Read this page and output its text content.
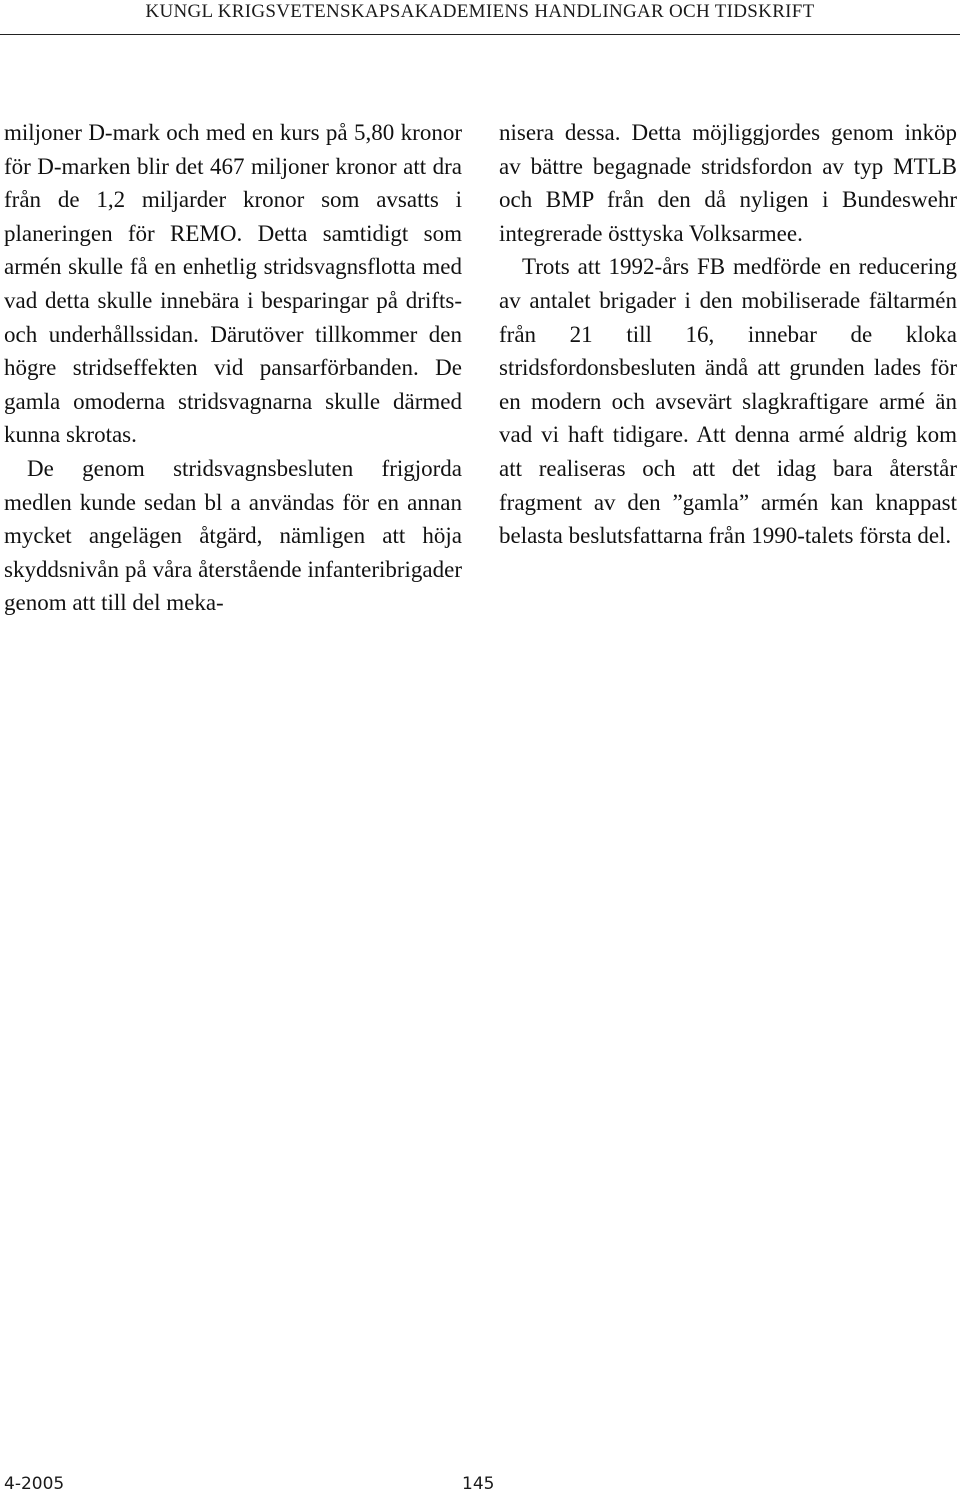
KUNGL KRIGSVETENSKAPSAKADEMIENS HANDLINGAR OCH TIDSKRIFT

miljoner D-mark och med en kurs på 5,80 kronor för D-marken blir det 467 miljoner kronor att dra från de 1,2 miljarder kronor som avsatts i planeringen för REMO. Detta samtidigt som armén skulle få en enhetlig stridsvagnsflotta med vad detta skulle innebära i besparingar på drifts- och underhållssidan. Därutöver tillkommer den högre stridseffekten vid pansarförbanden. De gamla omoderna stridsvagnarna skulle därmed kunna skrotas.

De genom stridsvagnsbesluten frigjorda medlen kunde sedan bl a användas för en annan mycket angelägen åtgärd, nämligen att höja skyddsnivån på våra återstående infanteribrigader genom att till del meka-

nisera dessa. Detta möjliggjordes genom inköp av bättre begagnade stridsfordon av typ MTLB och BMP från den då nyligen i Bundeswehr integrerade östtyska Volksarmee.

Trots att 1992-års FB medförde en reducering av antalet brigader i den mobiliserade fältarmén från 21 till 16, innebar de kloka stridsfordonsbesluten ändå att grunden lades för en modern och avsevärt slagkraftigare armé än vad vi haft tidigare. Att denna armé aldrig kom att realiseras och att det idag bara återstår fragment av den ”gamla” armén kan knappast belasta beslutsfattarna från 1990-talets första del.

4-2005	145
